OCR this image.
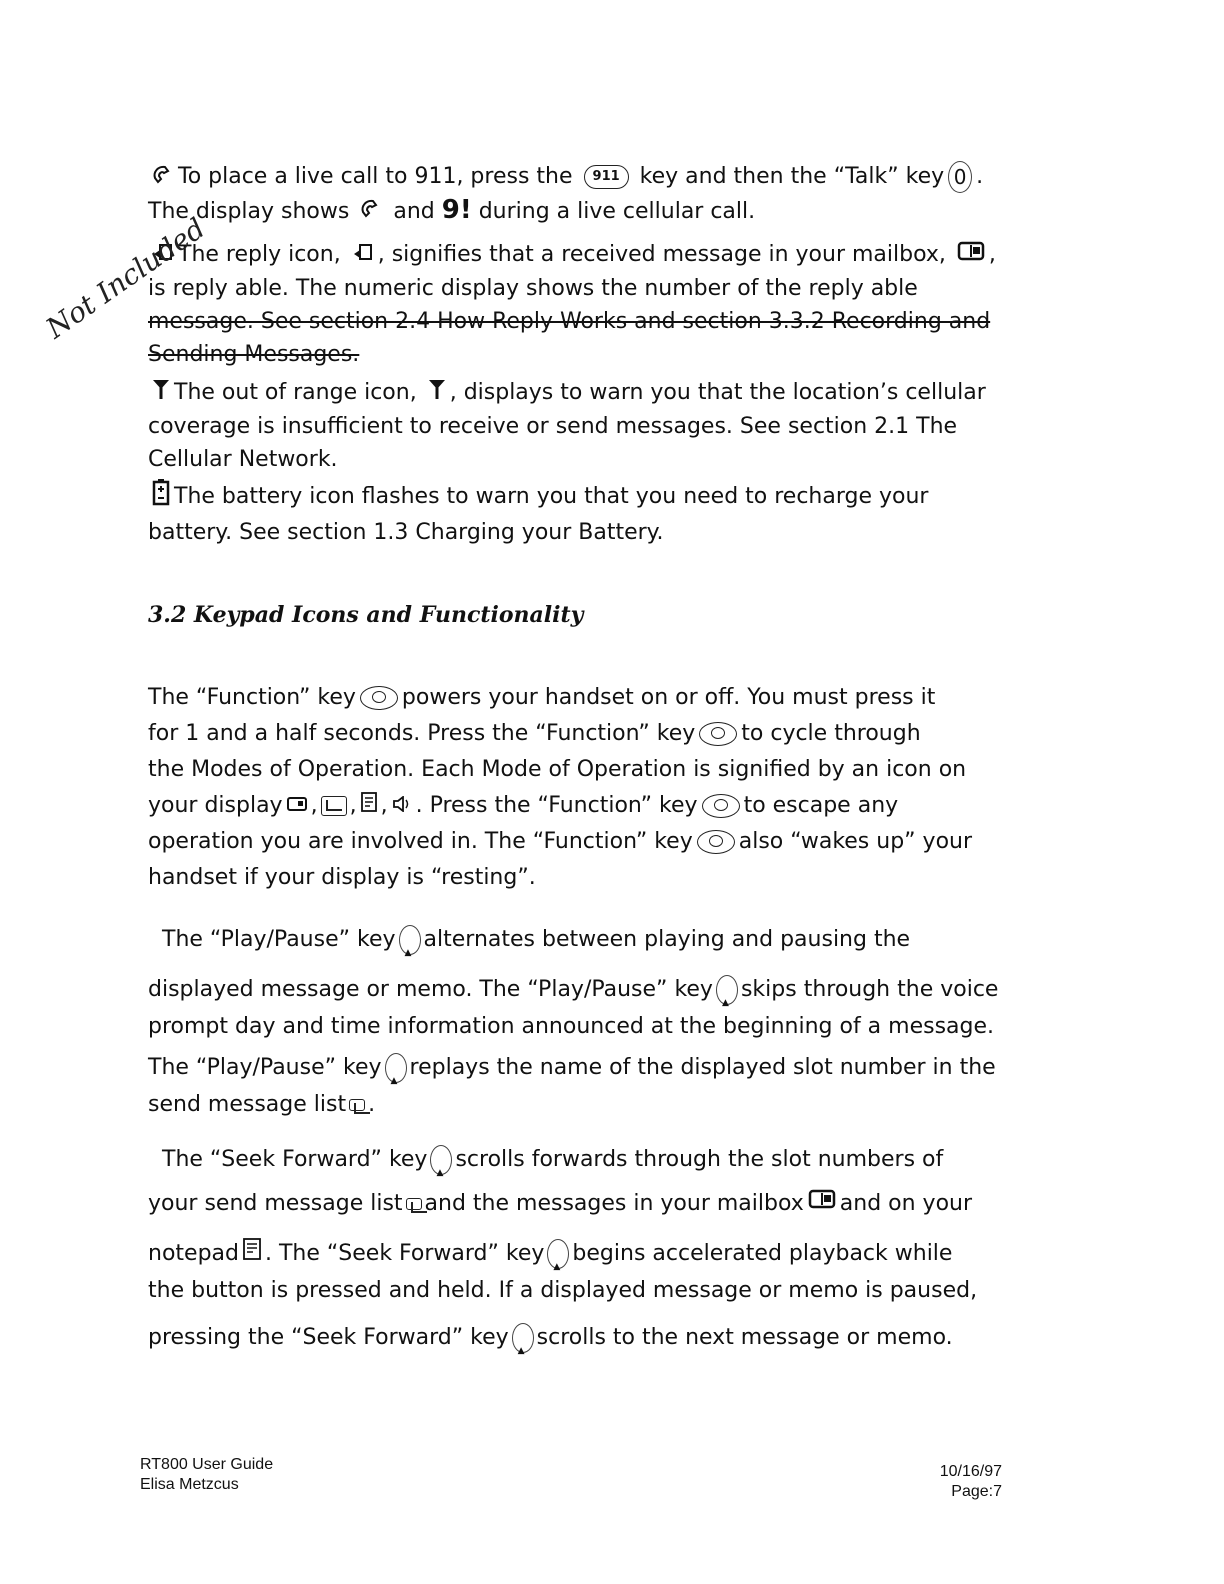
To place a live call to 911, press the 911 key and then the “Talk” key 0 .
The display shows and 9! during a live cellular call.
The reply icon, , signifies that a received message in your mailbox, ,
is reply able. The numeric display shows the number of the reply able
message. See section 2.4 How Reply Works and section 3.3.2 Recording and
Sending Messages.
Not Included
The out of range icon, , displays to warn you that the location’s cellular
coverage is insufficient to receive or send messages. See section 2.1 The
Cellular Network.
The battery icon flashes to warn you that you need to recharge your
battery. See section 1.3 Charging your Battery.
3.2 Keypad Icons and Functionality
The “Function” key powers your handset on or off. You must press it
for 1 and a half seconds. Press the “Function” key to cycle through
the Modes of Operation. Each Mode of Operation is signified by an icon on
your display , , , . Press the “Function” key to escape any
operation you are involved in. The “Function” key also “wakes up” your
handset if your display is “resting”.
The “Play/Pause” key ▲ alternates between playing and pausing the
displayed message or memo. The “Play/Pause” key ▲ skips through the voice
prompt day and time information announced at the beginning of a message.
The “Play/Pause” key ▲ replays the name of the displayed slot number in the
send message list .
The “Seek Forward” key ▲ scrolls forwards through the slot numbers of
your send message list and the messages in your mailbox and on your
notepad . The “Seek Forward” key ▲ begins accelerated playback while
the button is pressed and held. If a displayed message or memo is paused,
pressing the “Seek Forward” key ▲ scrolls to the next message or memo.
RT800 User Guide
Elisa Metzcus
10/16/97
Page:7
